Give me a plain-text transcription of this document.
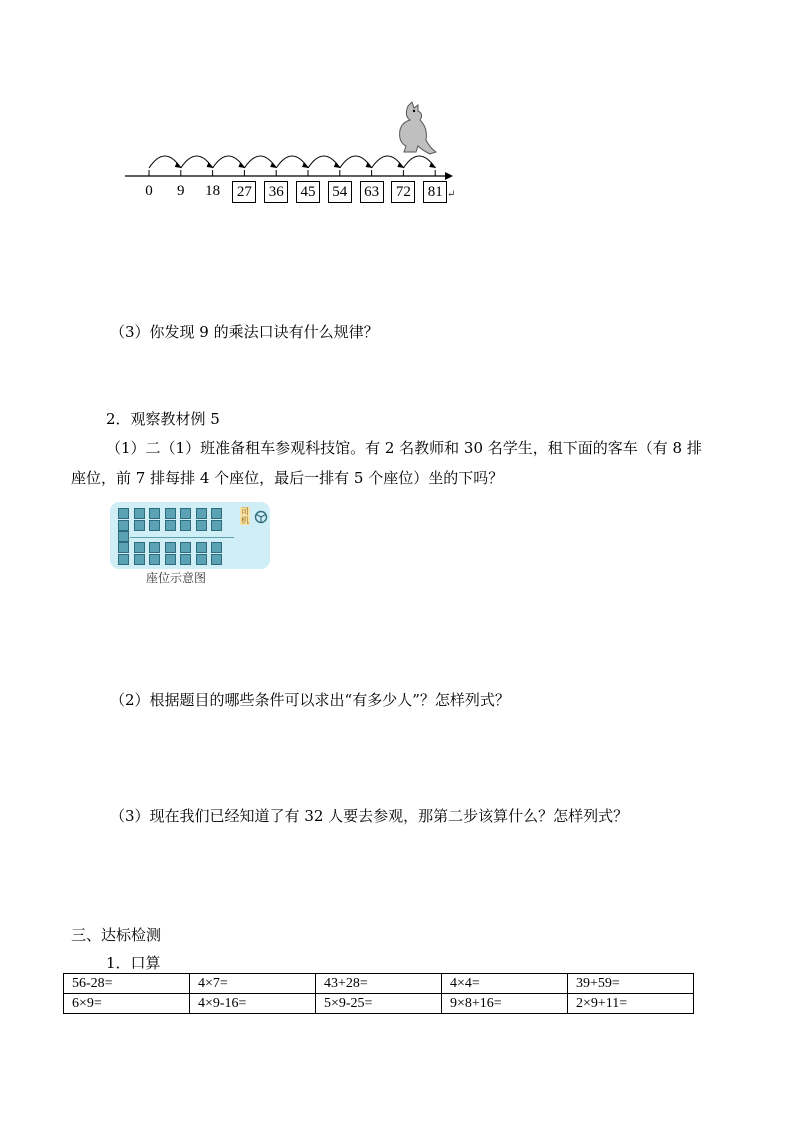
0	9	18	27	36	45	54	63	72	81 ↵
（3）你发现 9 的乘法口诀有什么规律？
2．观察教材例 5
（1）二（1）班准备租车参观科技馆。有 2 名教师和 30 名学生，租下面的客车（有 8 排
座位，前 7 排每排 4 个座位，最后一排有 5 个座位）坐的下吗？
司机
座位示意图
（2）根据题目的哪些条件可以求出“有多少人”？怎样列式？
（3）现在我们已经知道了有 32 人要去参观，那第二步该算什么？怎样列式？
三、达标检测
1．口算
56-28=	4×7=	43+28=	4×4=	39+59=
6×9=	4×9-16=	5×9-25=	9×8+16=	2×9+11=
